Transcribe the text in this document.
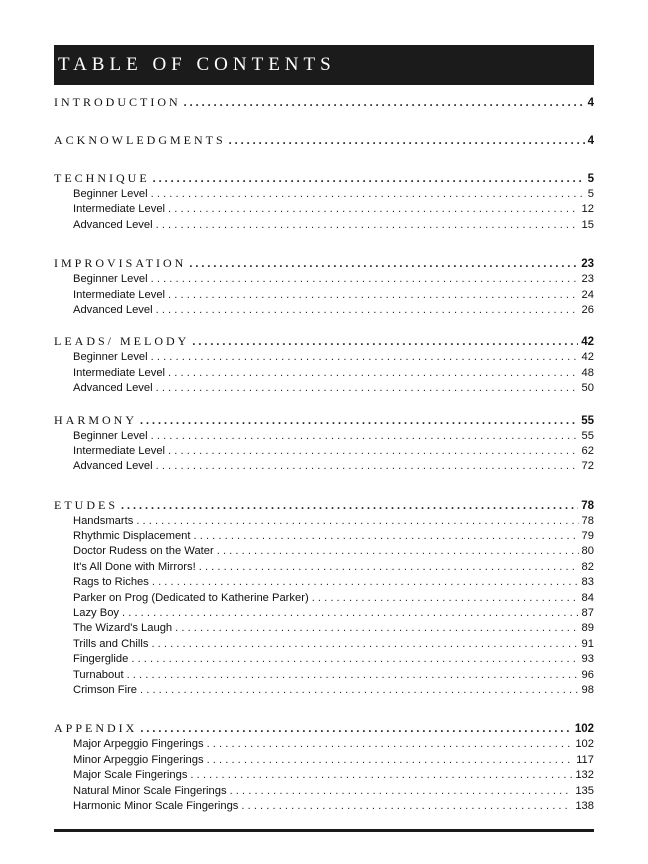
TABLE OF CONTENTS
INTRODUCTION . . .	4
ACKNOWLEDGMENTS . . .	4
TECHNIQUE . . .	5
Beginner Level . . .	5
Intermediate Level . . .	12
Advanced Level . . .	15
IMPROVISATION . . .	23
Beginner Level . . .	23
Intermediate Level . . .	24
Advanced Level . . .	26
LEADS/ MELODY . . .	42
Beginner Level . . .	42
Intermediate Level . . .	48
Advanced Level . . .	50
HARMONY . . .	55
Beginner Level . . .	55
Intermediate Level . . .	62
Advanced Level . . .	72
ETUDES . . .	78
Handsmarts . . .	78
Rhythmic Displacement . . .	79
Doctor Rudess on the Water . . .	80
It's All Done with Mirrors! . . .	82
Rags to Riches . . .	83
Parker on Prog (Dedicated to Katherine Parker) . . .	84
Lazy Boy . . .	87
The Wizard's Laugh . . .	89
Trills and Chills . . .	91
Fingerglide . . .	93
Turnabout . . .	96
Crimson Fire . . .	98
APPENDIX . . .	102
Major Arpeggio Fingerings . . .	102
Minor Arpeggio Fingerings . . .	117
Major Scale Fingerings . . .	132
Natural Minor Scale Fingerings . . .	135
Harmonic Minor Scale Fingerings . . .	138
